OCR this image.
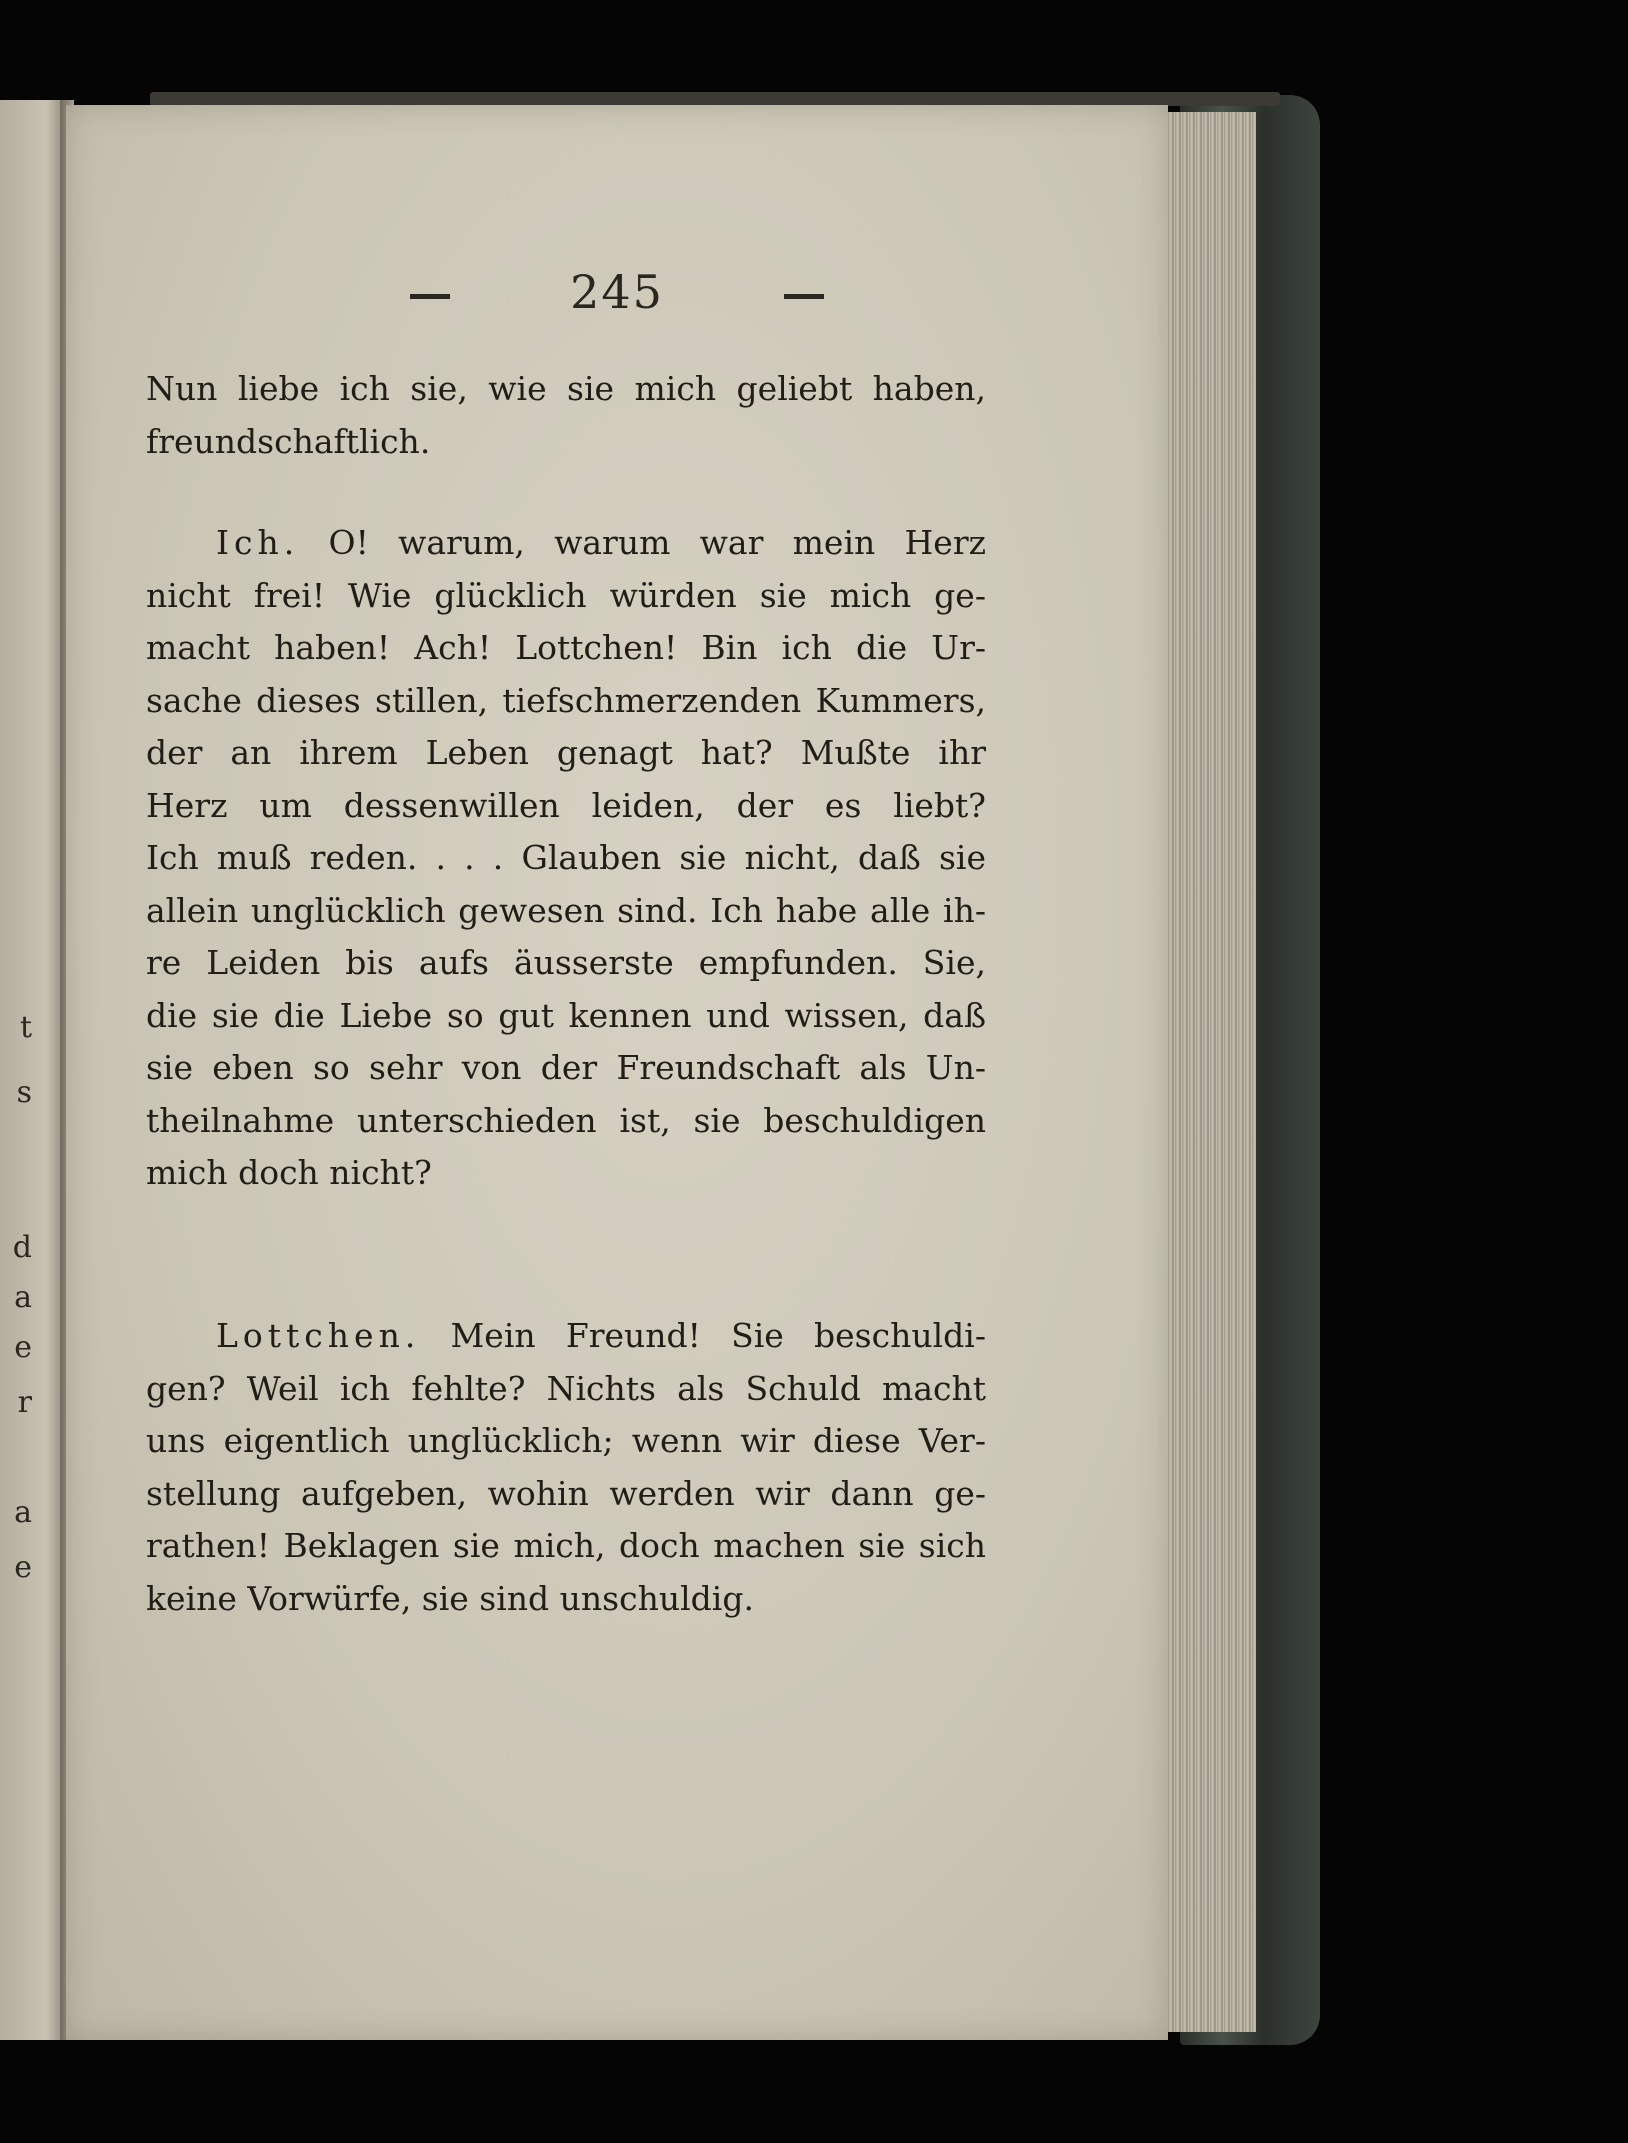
t
s
d
a
e
r
a
e
245
Nun liebe ich sie, wie sie mich geliebt haben,
freundschaftlich.
Ich. O! warum, warum war mein Herz
nicht frei! Wie glücklich würden sie mich ge-
macht haben! Ach! Lottchen! Bin ich die Ur-
sache dieses stillen, tiefschmerzenden Kummers,
der an ihrem Leben genagt hat? Mußte ihr
Herz um dessenwillen leiden, der es liebt?
Ich muß reden. . . . Glauben sie nicht, daß sie
allein unglücklich gewesen sind. Ich habe alle ih-
re Leiden bis aufs äusserste empfunden. Sie,
die sie die Liebe so gut kennen und wissen, daß
sie eben so sehr von der Freundschaft als Un-
theilnahme unterschieden ist, sie beschuldigen
mich doch nicht?
Lottchen. Mein Freund! Sie beschuldi-
gen? Weil ich fehlte? Nichts als Schuld macht
uns eigentlich unglücklich; wenn wir diese Ver-
stellung aufgeben, wohin werden wir dann ge-
rathen! Beklagen sie mich, doch machen sie sich
keine Vorwürfe, sie sind unschuldig.
